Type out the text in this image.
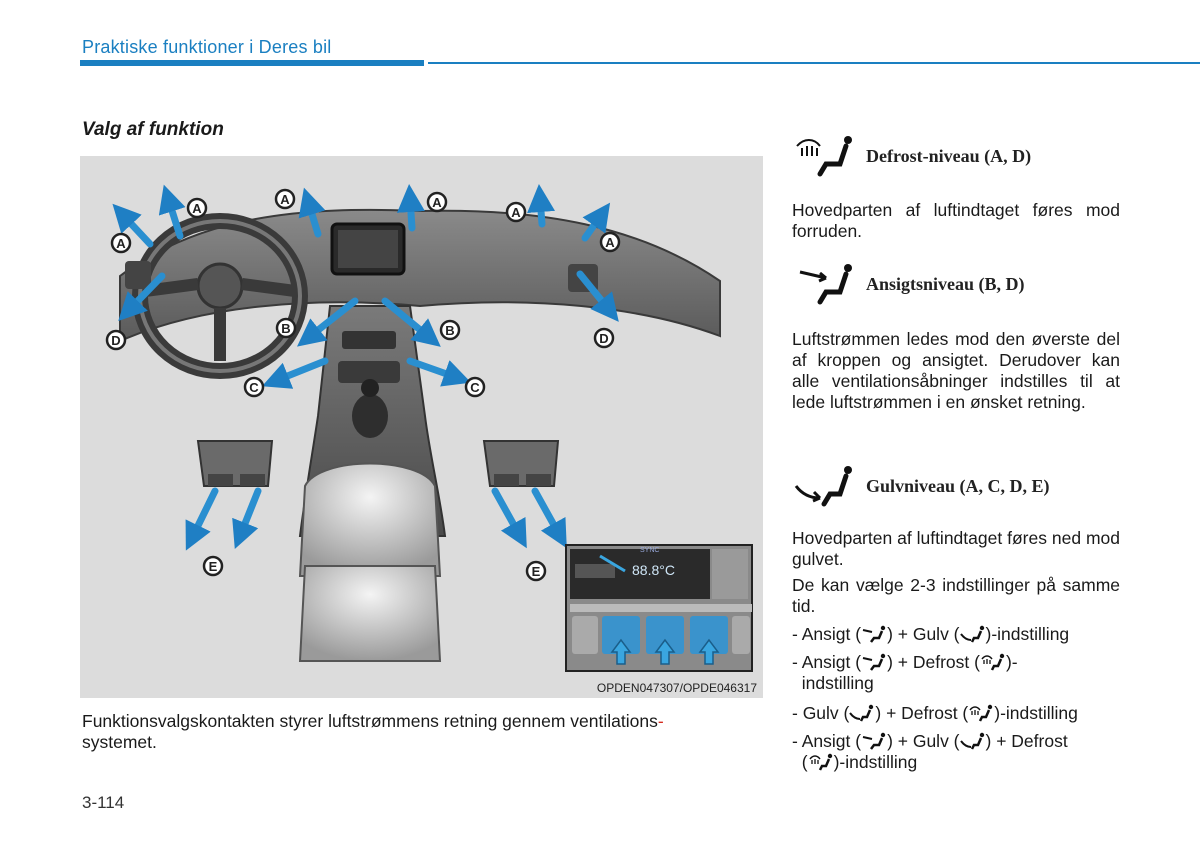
Praktiske funktioner i Deres bil
Valg af funktion
A
A
A	A
A
A
B	B
C	C
D	D
E	E
SYNC
88.8°C
OPDEN047307/OPDE046317
Funktionsvalgskontakten styrer luftstrømmens retning gennem ventilations-
systemet.
Defrost-niveau (A, D)
Hovedparten af luftindtaget føres mod forruden.
Ansigtsniveau (B, D)
Luftstrømmen ledes mod den øverste del af kroppen og ansigtet. Derudover kan alle ventilationsåbninger indstilles til at lede luftstrømmen i en ønsket retning.
Gulvniveau (A, C, D, E)
Hovedparten af luftindtaget føres ned mod gulvet.
De kan vælge 2-3 indstillinger på samme tid.
- Ansigt ( ) + Gulv ( )-indstilling
- Ansigt ( ) + Defrost ( )-
indstilling
- Gulv ( ) + Defrost ( )-indstilling
- Ansigt ( ) + Gulv ( ) + Defrost
( )-indstilling
3-114
